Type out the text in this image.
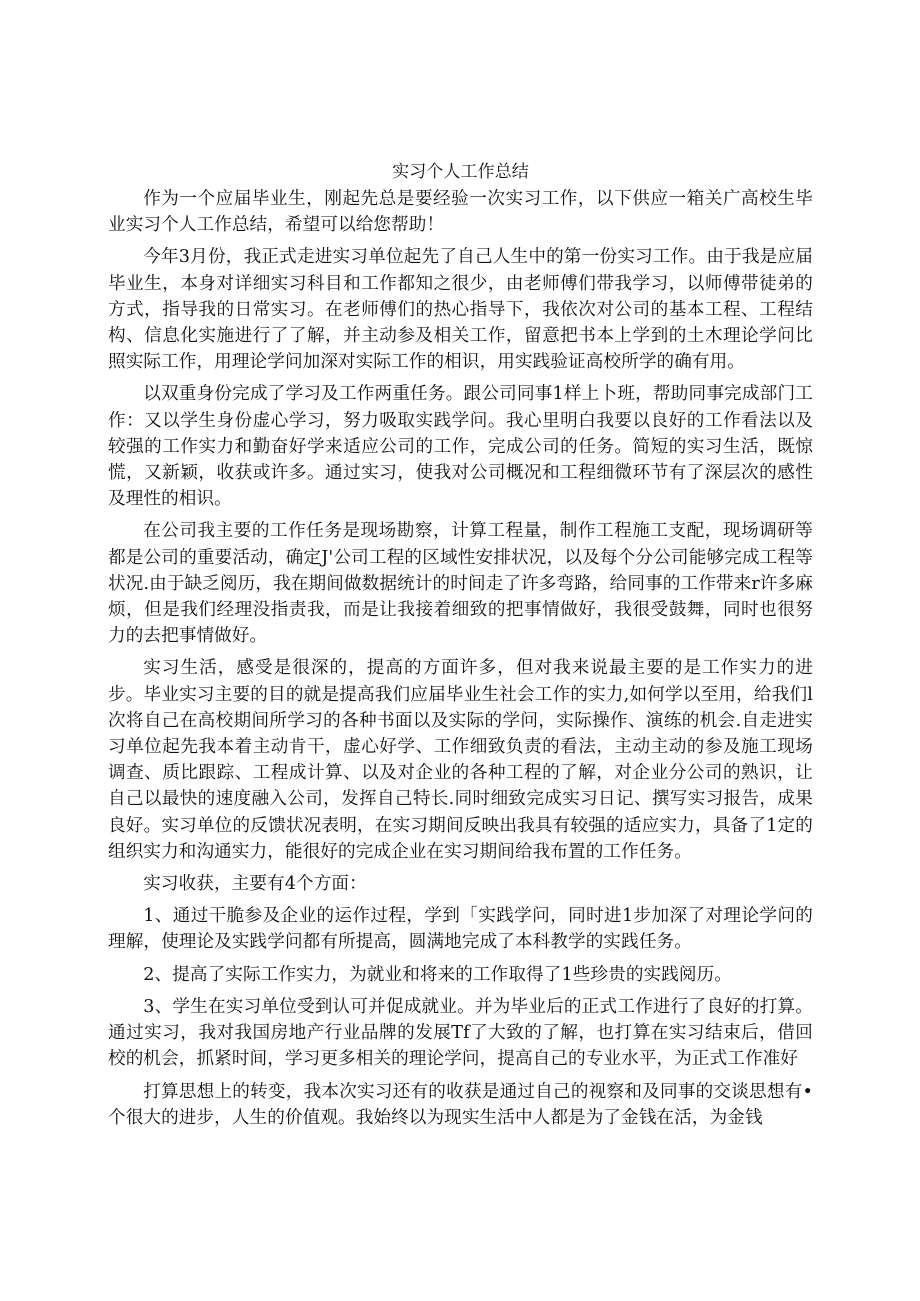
实习个人工作总结

作为一个应届毕业生，刚起先总是要经验一次实习工作，以下供应一箱关广高校生毕业实习个人工作总结，希望可以给您帮助！

今年3月份，我正式走进实习单位起先了自己人生中的第一份实习工作。由于我是应届毕业生，本身对详细实习科目和工作都知之很少，由老师傅们带我学习，以师傅带徒弟的方式，指导我的日常实习。在老师傅们的热心指导下，我依次对公司的基本工程、工程结构、信息化实施进行了了解，并主动参及相关工作，留意把书本上学到的土木理论学问比照实际工作，用理论学问加深对实际工作的相识，用实践验证高校所学的确有用。

以双重身份完成了学习及工作两重任务。跟公司同事1样上卜班，帮助同事完成部门工作：又以学生身份虚心学习，努力吸取实践学问。我心里明白我要以良好的工作看法以及较强的工作实力和勤奋好学来适应公司的工作，完成公司的任务。简短的实习生活，既惊慌，又新颖，收获或许多。通过实习，使我对公司概况和工程细微环节有了深层次的感性及理性的相识。

在公司我主要的工作任务是现场勘察，计算工程量，制作工程施工支配，现场调研等都是公司的重要活动，确定J'公司工程的区域性安排状况，以及每个分公司能够完成工程等状况.由于缺乏阅历，我在期间做数据统计的时间走了许多弯路，给同事的工作带来r许多麻烦，但是我们经理没指责我，而是让我接着细致的把事情做好，我很受鼓舞，同时也很努力的去把事情做好。

实习生活，感受是很深的，提高的方面许多，但对我来说最主要的是工作实力的进步。毕业实习主要的目的就是提高我们应届毕业生社会工作的实力,如何学以至用，给我们l次将自己在高校期间所学习的各种书面以及实际的学问，实际操作、演练的机会.自走进实习单位起先我本着主动肯干，虚心好学、工作细致负责的看法，主动主动的参及施工现场调查、质比跟踪、工程成计算、以及对企业的各种工程的了解，对企业分公司的熟识，让自己以最快的速度融入公司，发挥自己特长.同时细致完成实习日记、撰写实习报告，成果良好。实习单位的反馈状况表明，在实习期间反映出我具有较强的适应实力，具备了1定的组织实力和沟通实力，能很好的完成企业在实习期间给我布置的工作任务。

实习收获，主要有4个方面：

1、通过干脆参及企业的运作过程，学到「实践学问，同时进1步加深了对理论学问的理解，使理论及实践学问都有所提高，圆满地完成了本科教学的实践任务。

2、提高了实际工作实力，为就业和将来的工作取得了1些珍贵的实践阅历。

3、学生在实习单位受到认可并促成就业。并为毕业后的正式工作进行了良好的打算。通过实习，我对我国房地产行业品牌的发展Tf了大致的了解，也打算在实习结束后，借回校的机会，抓紧时间，学习更多相关的理论学问，提高自己的专业水平，为正式工作准好

打算思想上的转变，我本次实习还有的收获是通过自己的视察和及同事的交谈思想有•个很大的进步，人生的价值观。我始终以为现实生活中人都是为了金钱在活，为金钱
